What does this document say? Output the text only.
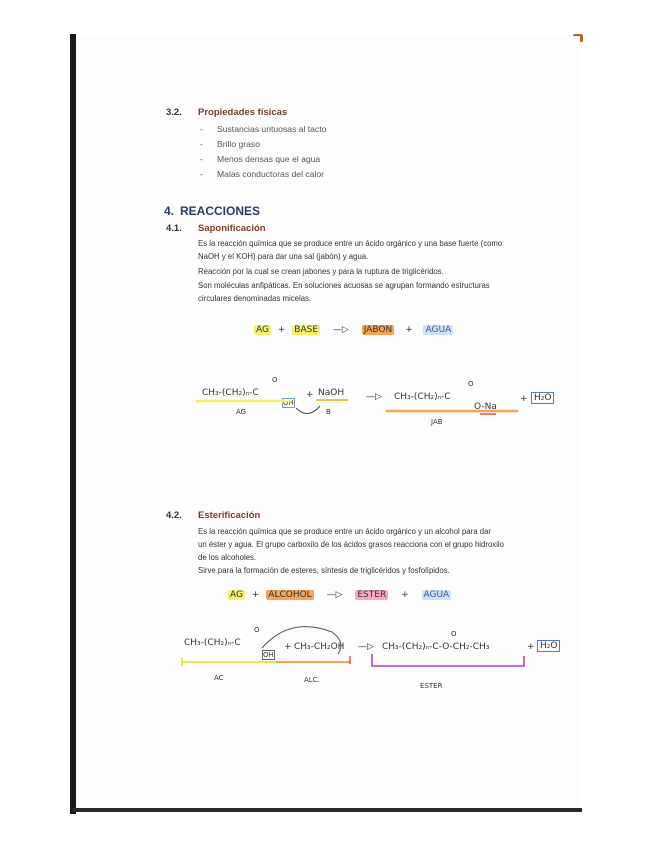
3.2. Propiedades físicas
- Sustancias untuosas al tacto
- Brillo graso
- Menos densas que el agua
- Malas conductoras del calor
4. REACCIONES
4.1. Saponificación
Es la reacción química que se produce entre un ácido orgánico y una base fuerte (como
NaOH y el KOH) para dar una sal (jabón) y agua.
Reacción por la cual se crean jabones y para la ruptura de triglicéridos.
Son moléculas anfipáticas. En soluciones acuosas se agrupan formando estructuras
circulares denominadas micelas.
AG + BASE —▷ JABON + AGUA
CH₃-(CH₂)ₙ-C
O
OH
+ NaOH —▷ CH₃-(CH₂)ₙ-C
O
O-Na
+ H₂O
AG	B
JAB
4.2. Esterificación
Es la reacción química que se produce entre un ácido orgánico y un alcohol para dar
un éster y agua. El grupo carboxilo de los ácidos grasos reacciona con el grupo hidroxilo
de los alcoholes.
Sirve para la formación de esteres, síntesis de triglicéridos y fosfolípidos.
AG + ALCOHOL —▷ ESTER + AGUA
CH₃-(CH₂)ₙ-C
O
OH
+ CH₃-CH₂OH —▷ CH₃-(CH₂)ₙ-C-O-CH₂-CH₃
O
+ H₂O
AC	ALC.
ESTER
